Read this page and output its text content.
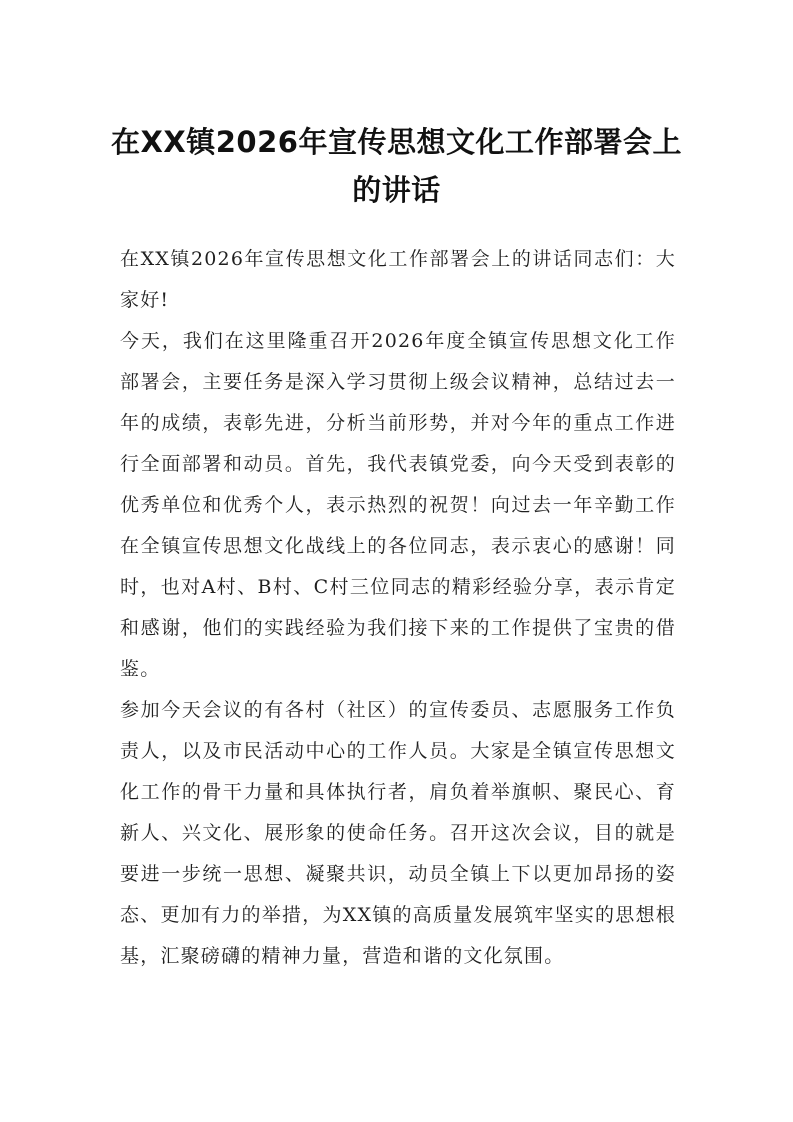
在XX镇2026年宣传思想文化工作部署会上的讲话

在XX镇2026年宣传思想文化工作部署会上的讲话同志们：大家好!

今天，我们在这里隆重召开2026年度全镇宣传思想文化工作部署会，主要任务是深入学习贯彻上级会议精神，总结过去一年的成绩，表彰先进，分析当前形势，并对今年的重点工作进行全面部署和动员。首先，我代表镇党委，向今天受到表彰的优秀单位和优秀个人，表示热烈的祝贺！向过去一年辛勤工作在全镇宣传思想文化战线上的各位同志，表示衷心的感谢！同时，也对A村、B村、C村三位同志的精彩经验分享，表示肯定和感谢，他们的实践经验为我们接下来的工作提供了宝贵的借鉴。

参加今天会议的有各村（社区）的宣传委员、志愿服务工作负责人，以及市民活动中心的工作人员。大家是全镇宣传思想文化工作的骨干力量和具体执行者，肩负着举旗帜、聚民心、育新人、兴文化、展形象的使命任务。召开这次会议，目的就是要进一步统一思想、凝聚共识，动员全镇上下以更加昂扬的姿态、更加有力的举措，为XX镇的高质量发展筑牢坚实的思想根基，汇聚磅礴的精神力量，营造和谐的文化氛围。
